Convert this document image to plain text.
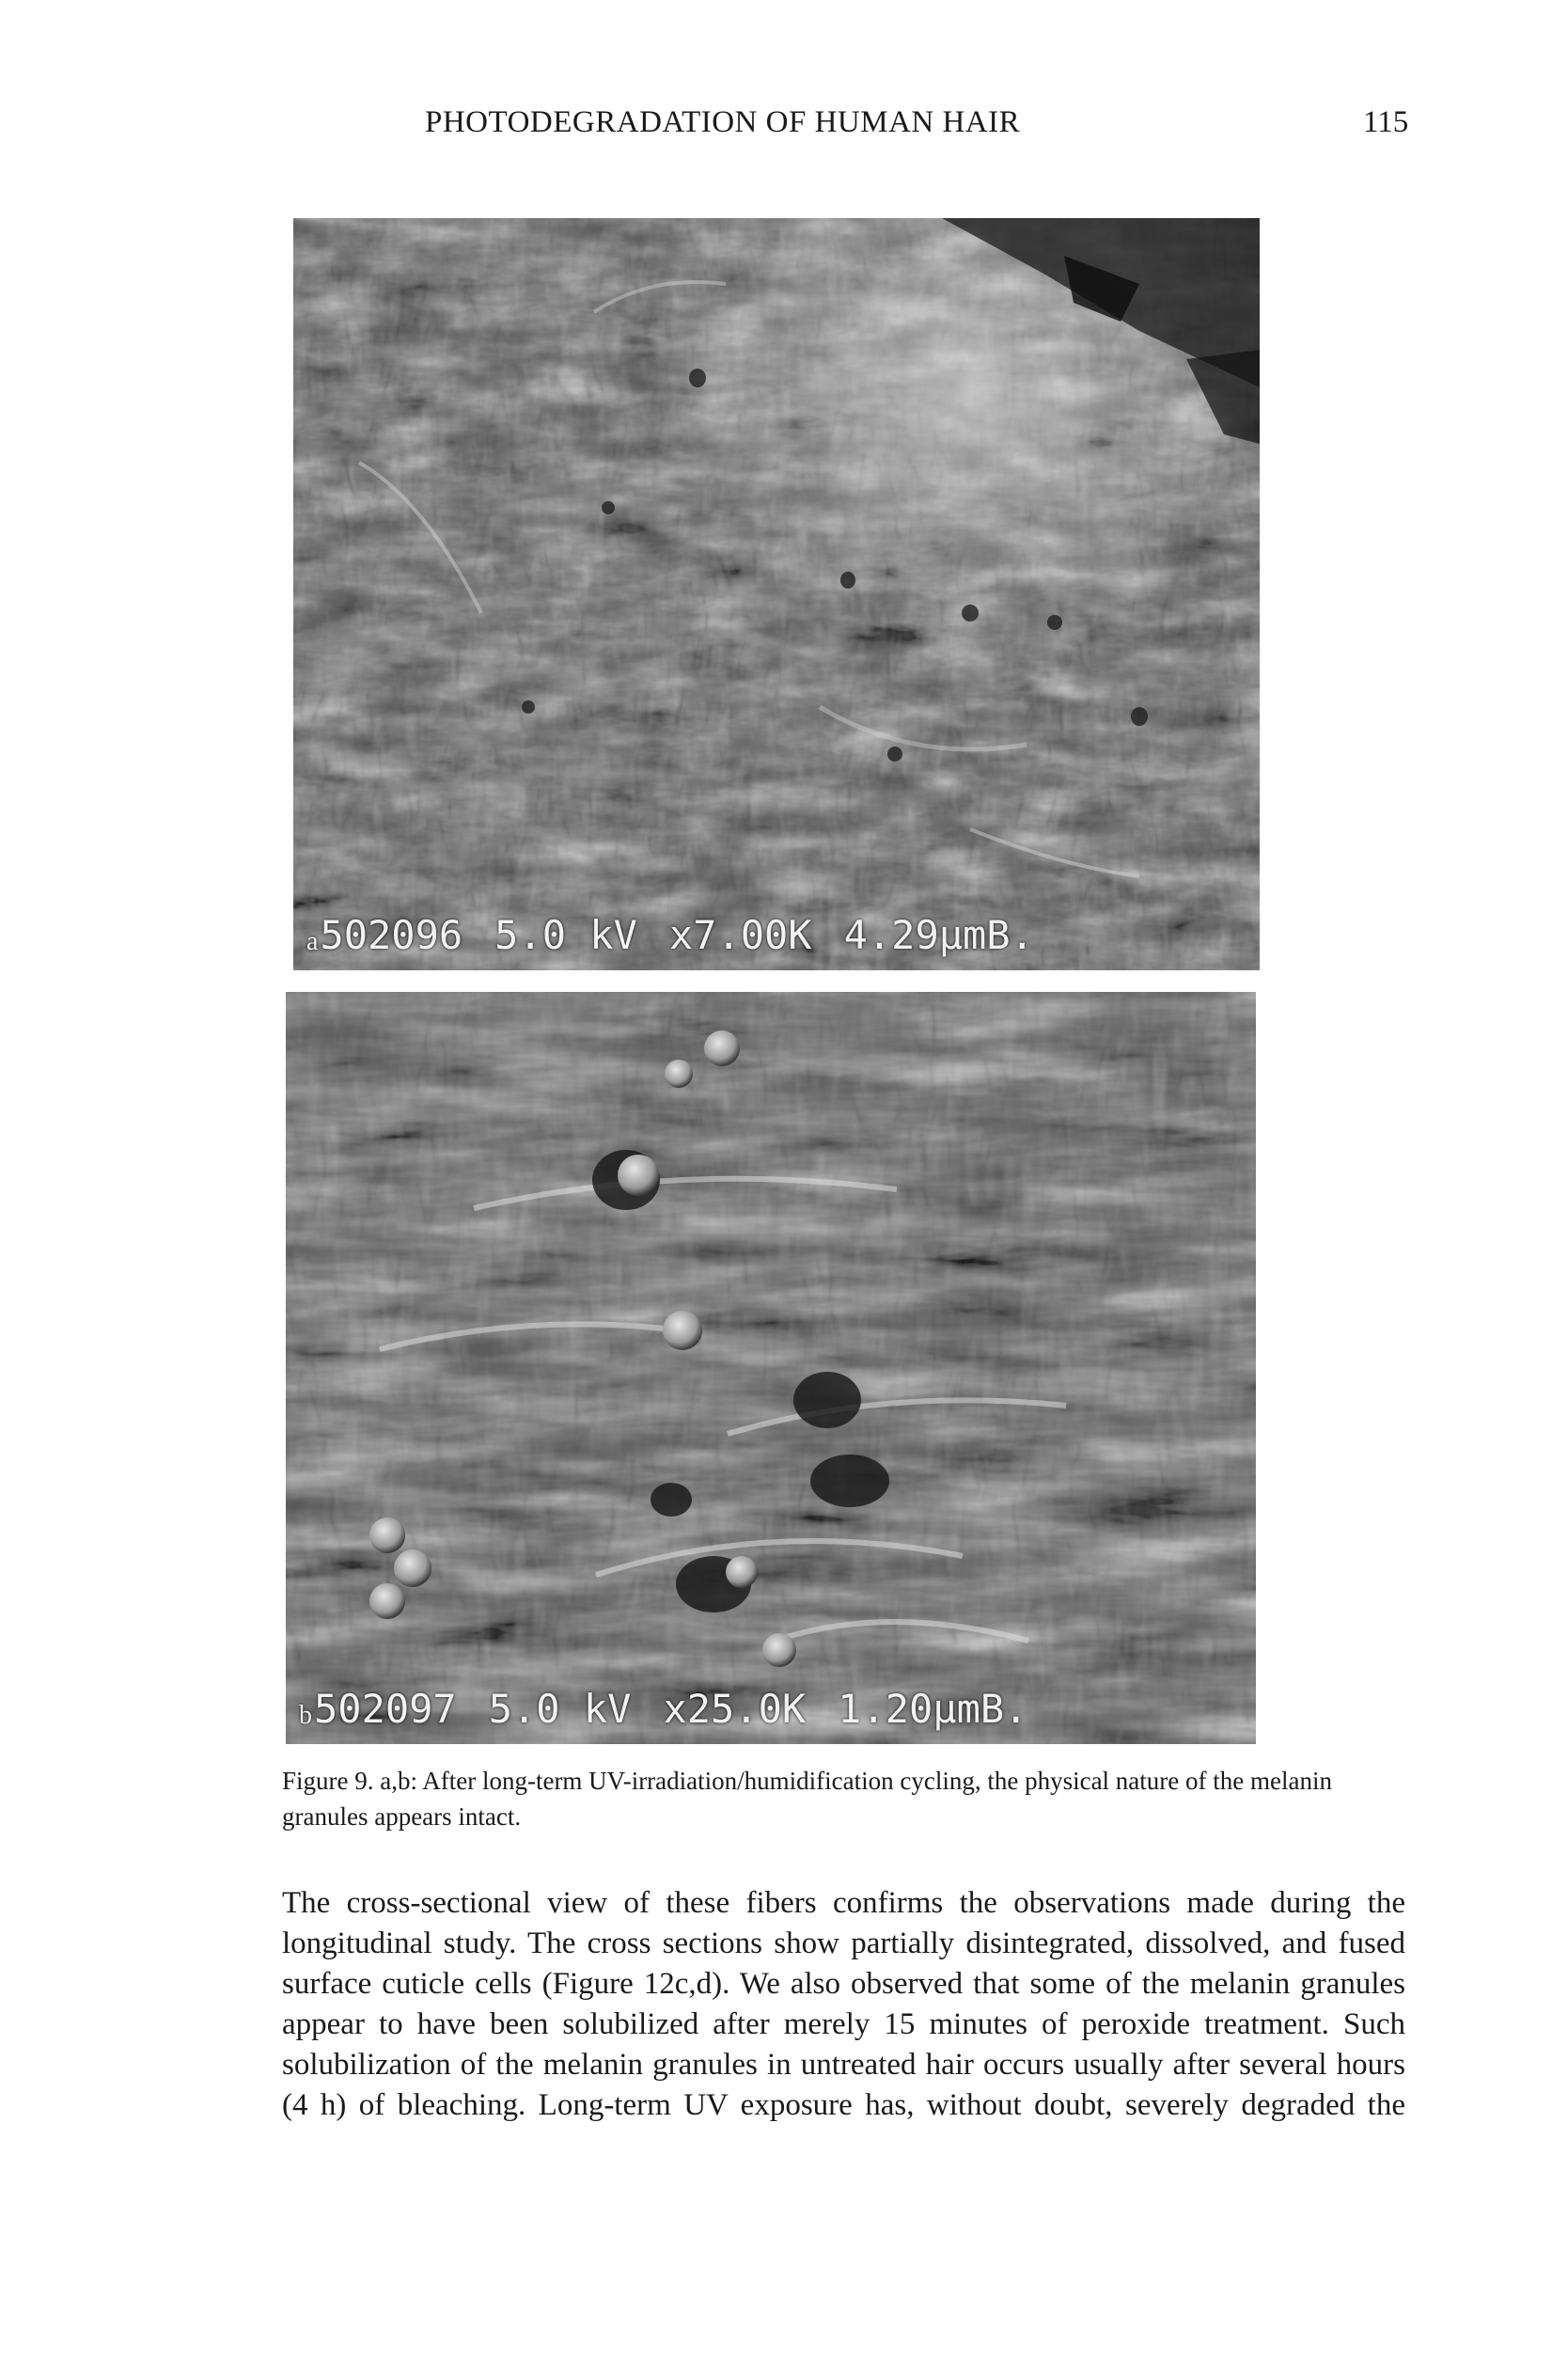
PHOTODEGRADATION OF HUMAN HAIR	115
a 502096 5.0 kV x7.00K 4.29μmB.
b 502097 5.0 kV x25.0K 1.20μmB.
Figure 9. a,b: After long-term UV-irradiation/humidification cycling, the physical nature of the melanin granules appears intact.
The cross-sectional view of these fibers confirms the observations made during the
longitudinal study. The cross sections show partially disintegrated, dissolved, and fused
surface cuticle cells (Figure 12c,d). We also observed that some of the melanin granules
appear to have been solubilized after merely 15 minutes of peroxide treatment. Such
solubilization of the melanin granules in untreated hair occurs usually after several hours
(4 h) of bleaching. Long-term UV exposure has, without doubt, severely degraded the
